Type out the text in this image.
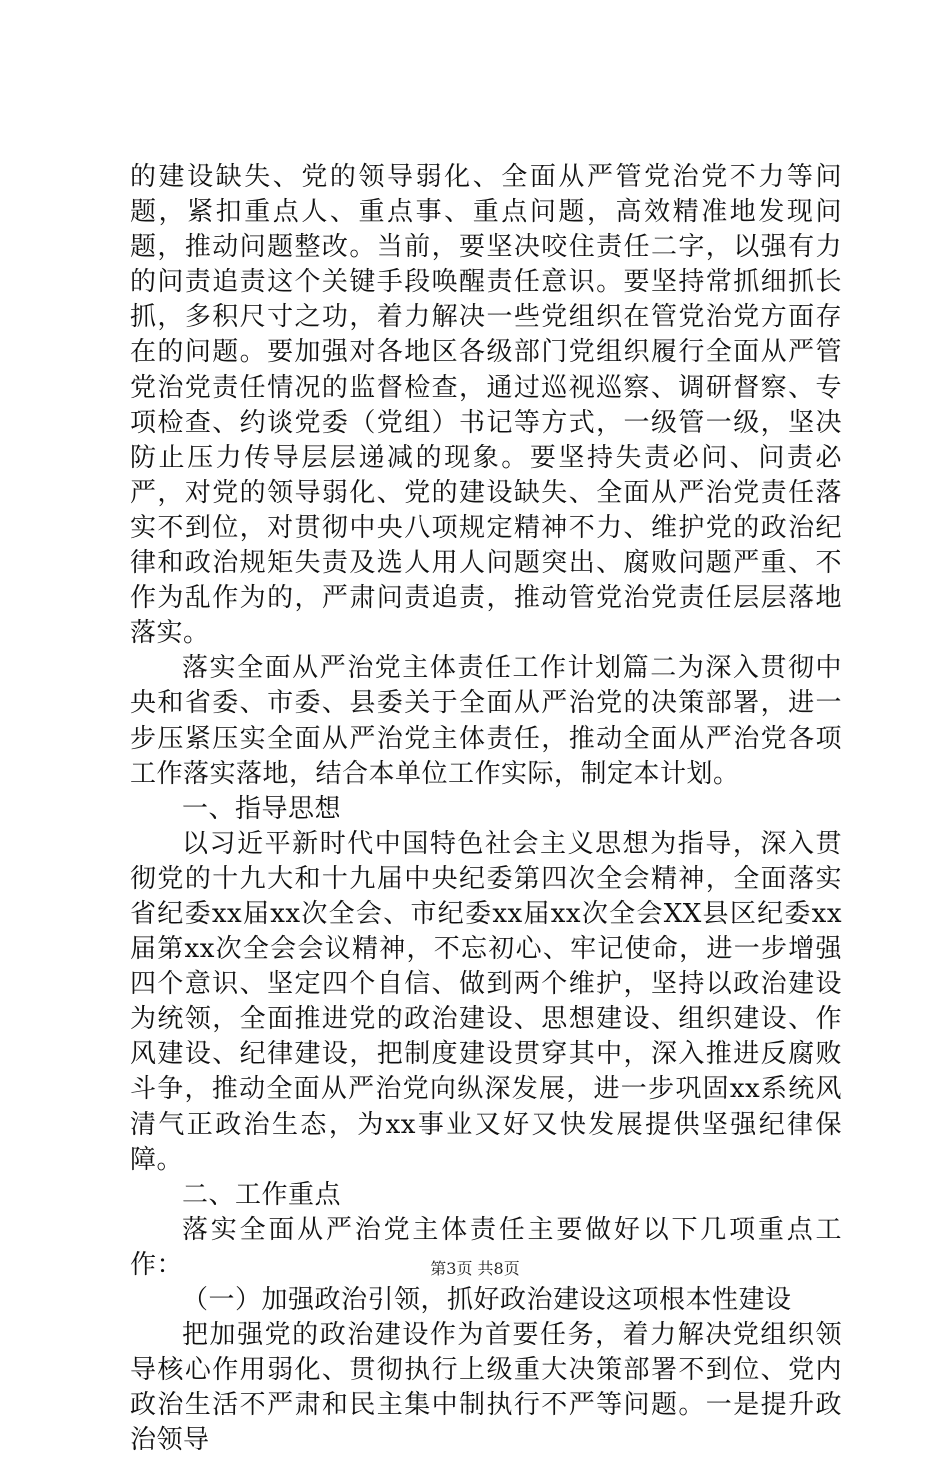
的建设缺失、党的领导弱化、全面从严管党治党不力等问题，紧扣重点人、重点事、重点问题，高效精准地发现问题，推动问题整改。当前，要坚决咬住责任二字，以强有力的问责追责这个关键手段唤醒责任意识。要坚持常抓细抓长抓，多积尺寸之功，着力解决一些党组织在管党治党方面存在的问题。要加强对各地区各级部门党组织履行全面从严管党治党责任情况的监督检查，通过巡视巡察、调研督察、专项检查、约谈党委（党组）书记等方式，一级管一级，坚决防止压力传导层层递减的现象。要坚持失责必问、问责必严，对党的领导弱化、党的建设缺失、全面从严治党责任落实不到位，对贯彻中央八项规定精神不力、维护党的政治纪律和政治规矩失责及选人用人问题突出、腐败问题严重、不作为乱作为的，严肃问责追责，推动管党治党责任层层落地落实。

落实全面从严治党主体责任工作计划篇二为深入贯彻中央和省委、市委、县委关于全面从严治党的决策部署，进一步压紧压实全面从严治党主体责任，推动全面从严治党各项工作落实落地，结合本单位工作实际，制定本计划。

一、指导思想

以习近平新时代中国特色社会主义思想为指导，深入贯彻党的十九大和十九届中央纪委第四次全会精神，全面落实省纪委xx届xx次全会、市纪委xx届xx次全会XX县区纪委xx届第xx次全会会议精神，不忘初心、牢记使命，进一步增强四个意识、坚定四个自信、做到两个维护，坚持以政治建设为统领，全面推进党的政治建设、思想建设、组织建设、作风建设、纪律建设，把制度建设贯穿其中，深入推进反腐败斗争，推动全面从严治党向纵深发展，进一步巩固xx系统风清气正政治生态，为xx事业又好又快发展提供坚强纪律保障。

二、工作重点

落实全面从严治党主体责任主要做好以下几项重点工作：

（一）加强政治引领，抓好政治建设这项根本性建设

把加强党的政治建设作为首要任务，着力解决党组织领导核心作用弱化、贯彻执行上级重大决策部署不到位、党内政治生活不严肃和民主集中制执行不严等问题。一是提升政治领导

第3页 共8页
